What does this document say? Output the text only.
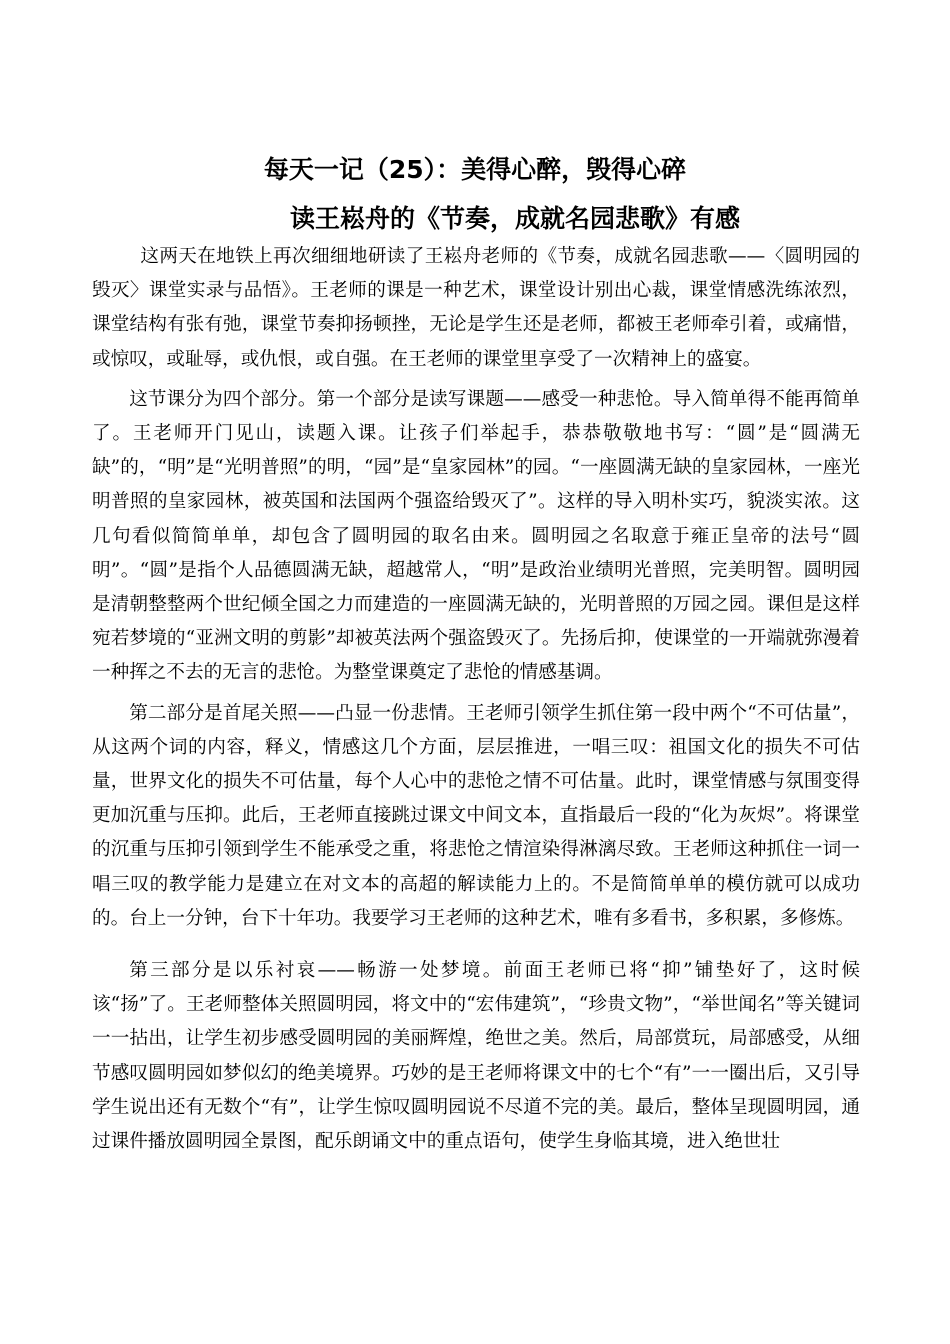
每天一记（25）：美得心醉，毁得心碎
读王崧舟的《节奏，成就名园悲歌》有感

这两天在地铁上再次细细地研读了王崧舟老师的《节奏，成就名园悲歌——〈圆明园的毁灭〉课堂实录与品悟》。王老师的课是一种艺术，课堂设计别出心裁，课堂情感洗练浓烈，课堂结构有张有弛，课堂节奏抑扬顿挫，无论是学生还是老师，都被王老师牵引着，或痛惜，或惊叹，或耻辱，或仇恨，或自强。在王老师的课堂里享受了一次精神上的盛宴。

这节课分为四个部分。第一个部分是读写课题——感受一种悲怆。导入简单得不能再简单了。王老师开门见山，读题入课。让孩子们举起手，恭恭敬敬地书写：“圆”是“圆满无缺”的，“明”是“光明普照”的明，“园”是“皇家园林”的园。“一座圆满无缺的皇家园林，一座光明普照的皇家园林，被英国和法国两个强盗给毁灭了”。这样的导入明朴实巧，貌淡实浓。这几句看似简简单单，却包含了圆明园的取名由来。圆明园之名取意于雍正皇帝的法号“圆明”。“圆”是指个人品德圆满无缺，超越常人，“明”是政治业绩明光普照，完美明智。圆明园是清朝整整两个世纪倾全国之力而建造的一座圆满无缺的，光明普照的万园之园。课但是这样宛若梦境的“亚洲文明的剪影”却被英法两个强盗毁灭了。先扬后抑，使课堂的一开端就弥漫着一种挥之不去的无言的悲怆。为整堂课奠定了悲怆的情感基调。

第二部分是首尾关照——凸显一份悲情。王老师引领学生抓住第一段中两个“不可估量”，从这两个词的内容，释义，情感这几个方面，层层推进，一唱三叹：祖国文化的损失不可估量，世界文化的损失不可估量，每个人心中的悲怆之情不可估量。此时，课堂情感与氛围变得更加沉重与压抑。此后，王老师直接跳过课文中间文本，直指最后一段的“化为灰烬”。将课堂的沉重与压抑引领到学生不能承受之重，将悲怆之情渲染得淋漓尽致。王老师这种抓住一词一唱三叹的教学能力是建立在对文本的高超的解读能力上的。不是简简单单的模仿就可以成功的。台上一分钟，台下十年功。我要学习王老师的这种艺术，唯有多看书，多积累，多修炼。

第三部分是以乐衬哀——畅游一处梦境。前面王老师已将“抑”铺垫好了，这时候该“扬”了。王老师整体关照圆明园，将文中的“宏伟建筑”，“珍贵文物”，“举世闻名”等关键词一一拈出，让学生初步感受圆明园的美丽辉煌，绝世之美。然后，局部赏玩，局部感受，从细节感叹圆明园如梦似幻的绝美境界。巧妙的是王老师将课文中的七个“有”一一圈出后，又引导学生说出还有无数个“有”，让学生惊叹圆明园说不尽道不完的美。最后，整体呈现圆明园，通过课件播放圆明园全景图，配乐朗诵文中的重点语句，使学生身临其境，进入绝世壮
